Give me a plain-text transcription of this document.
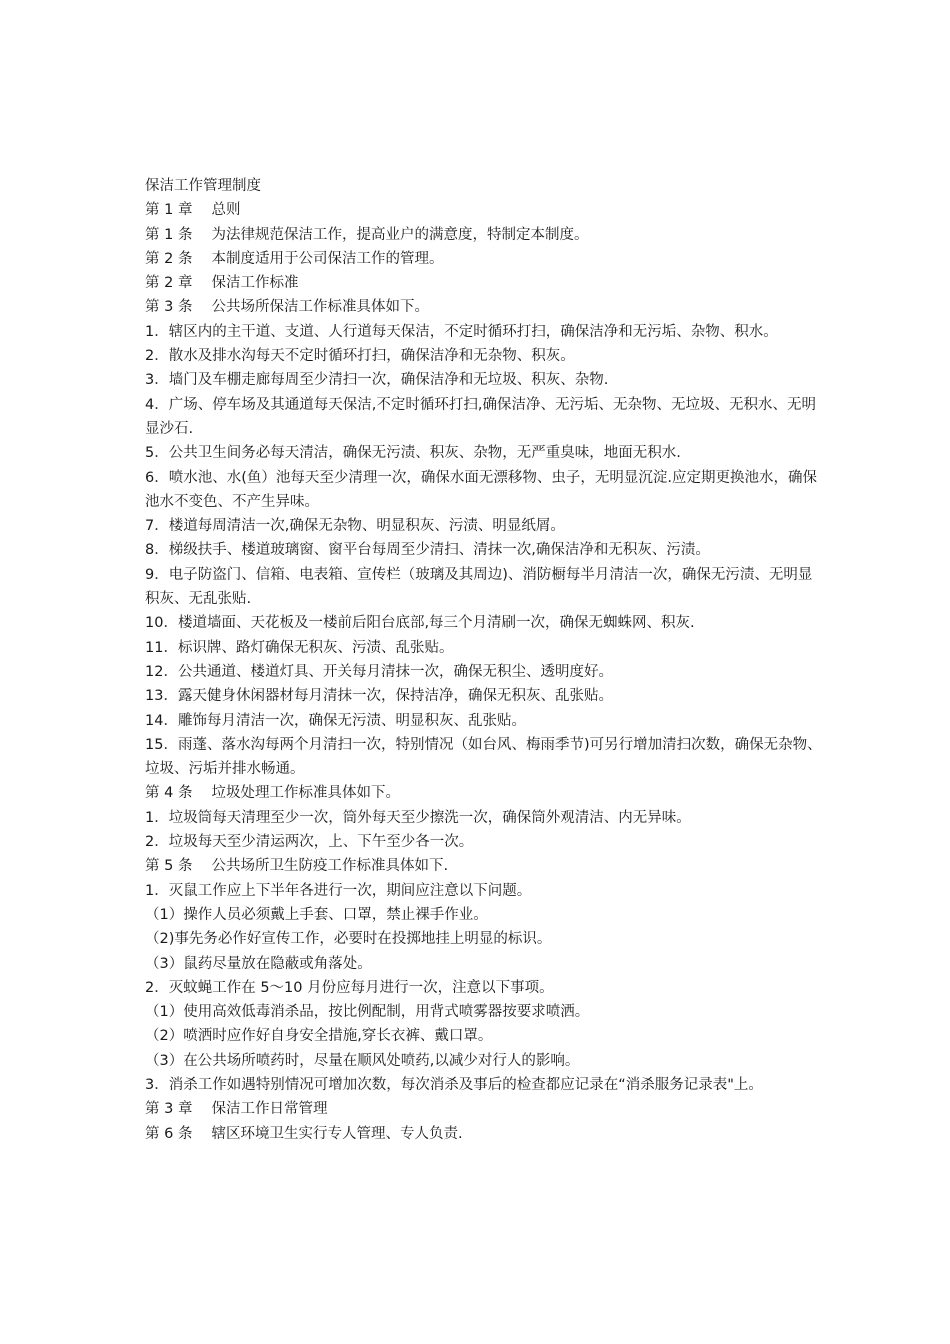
保洁工作管理制度

第 1 章　 总则

第 1 条　 为法律规范保洁工作，提高业户的满意度，特制定本制度。

第 2 条　 本制度适用于公司保洁工作的管理。

第 2 章　 保洁工作标准

第 3 条　 公共场所保洁工作标准具体如下。

1．辖区内的主干道、支道、人行道每天保洁，不定时循环打扫，确保洁净和无污垢、杂物、积水。

2．散水及排水沟每天不定时循环打扫，确保洁净和无杂物、积灰。

3．墙门及车棚走廊每周至少清扫一次，确保洁净和无垃圾、积灰、杂物.

4．广场、停车场及其通道每天保洁,不定时循环打扫,确保洁净、无污垢、无杂物、无垃圾、无积水、无明显沙石.

5．公共卫生间务必每天清洁，确保无污渍、积灰、杂物，无严重臭味，地面无积水.

6．喷水池、水(鱼）池每天至少清理一次，确保水面无漂移物、虫子，无明显沉淀.应定期更换池水，确保池水不变色、不产生异味。

7．楼道每周清洁一次,确保无杂物、明显积灰、污渍、明显纸屑。

8．梯级扶手、楼道玻璃窗、窗平台每周至少清扫、清抹一次,确保洁净和无积灰、污渍。

9．电子防盗门、信箱、电表箱、宣传栏（玻璃及其周边)、消防橱每半月清洁一次，确保无污渍、无明显积灰、无乱张贴.

10．楼道墙面、天花板及一楼前后阳台底部,每三个月清刷一次，确保无蜘蛛网、积灰.

11．标识牌、路灯确保无积灰、污渍、乱张贴。

12．公共通道、楼道灯具、开关每月清抹一次，确保无积尘、透明度好。

13．露天健身休闲器材每月清抹一次，保持洁净，确保无积灰、乱张贴。

14．雕饰每月清洁一次，确保无污渍、明显积灰、乱张贴。

15．雨蓬、落水沟每两个月清扫一次，特别情况（如台风、梅雨季节)可另行增加清扫次数，确保无杂物、垃圾、污垢并排水畅通。

第 4 条　 垃圾处理工作标准具体如下。

1．垃圾筒每天清理至少一次，筒外每天至少擦洗一次，确保筒外观清洁、内无异味。

2．垃圾每天至少清运两次，上、下午至少各一次。

第 5 条　 公共场所卫生防疫工作标准具体如下.

1．灭鼠工作应上下半年各进行一次，期间应注意以下问题。

（1）操作人员必须戴上手套、口罩，禁止裸手作业。

（2)事先务必作好宣传工作，必要时在投掷地挂上明显的标识。

（3）鼠药尽量放在隐蔽或角落处。

2．灭蚊蝇工作在 5～10 月份应每月进行一次，注意以下事项。

（1）使用高效低毒消杀品，按比例配制，用背式喷雾器按要求喷洒。

（2）喷洒时应作好自身安全措施,穿长衣裤、戴口罩。

（3）在公共场所喷药时，尽量在顺风处喷药,以减少对行人的影响。

3．消杀工作如遇特别情况可增加次数，每次消杀及事后的检查都应记录在“消杀服务记录表"上。

第 3 章　 保洁工作日常管理

第 6 条　 辖区环境卫生实行专人管理、专人负责.
